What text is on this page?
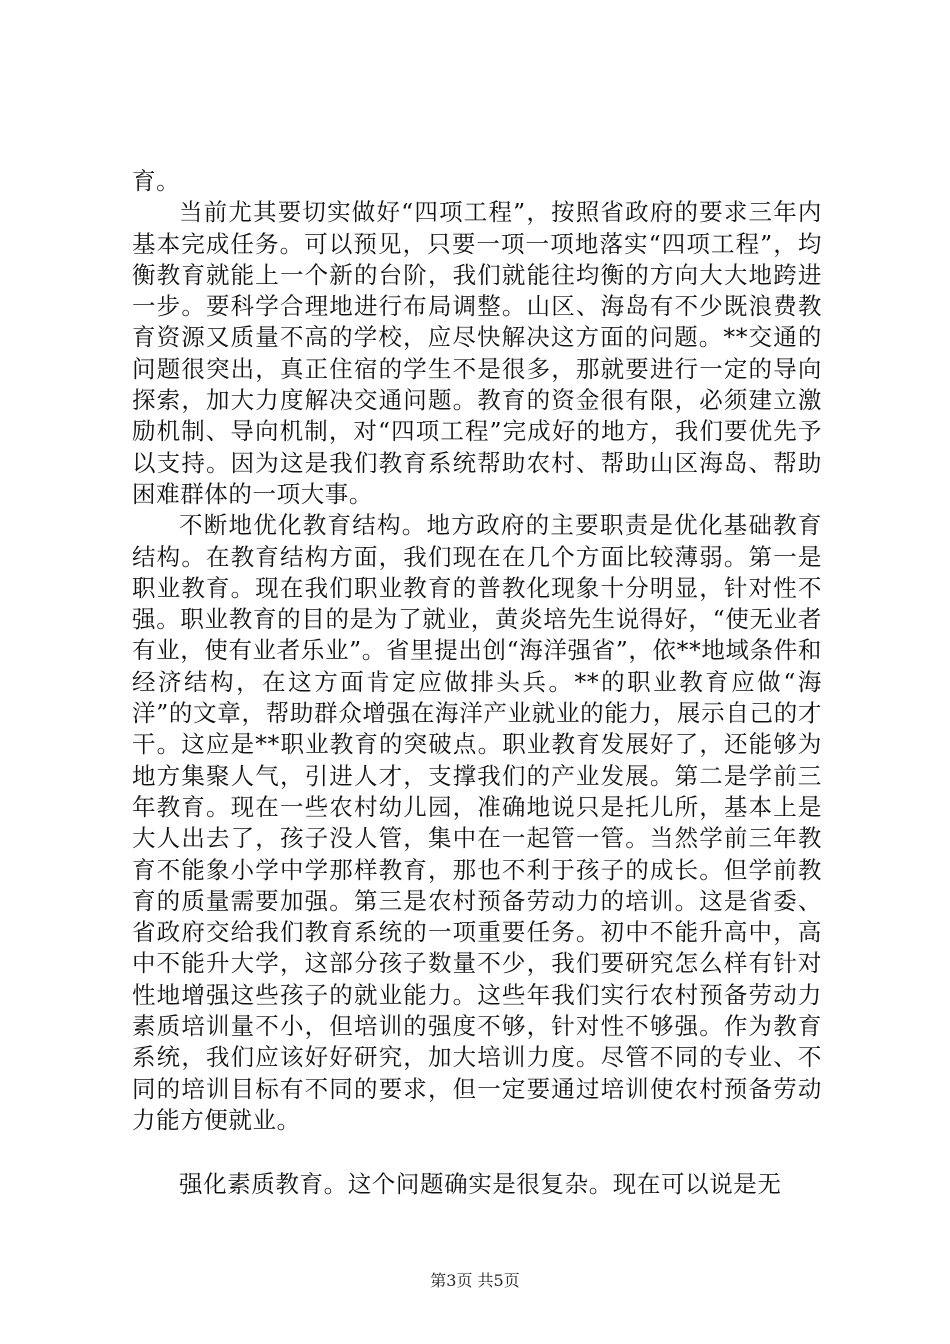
育。

当前尤其要切实做好“四项工程”，按照省政府的要求三年内基本完成任务。可以预见，只要一项一项地落实“四项工程”，均衡教育就能上一个新的台阶，我们就能往均衡的方向大大地跨进一步。要科学合理地进行布局调整。山区、海岛有不少既浪费教育资源又质量不高的学校，应尽快解决这方面的问题。**交通的问题很突出，真正住宿的学生不是很多，那就要进行一定的导向探索，加大力度解决交通问题。教育的资金很有限，必须建立激励机制、导向机制，对“四项工程”完成好的地方，我们要优先予以支持。因为这是我们教育系统帮助农村、帮助山区海岛、帮助困难群体的一项大事。

不断地优化教育结构。地方政府的主要职责是优化基础教育结构。在教育结构方面，我们现在在几个方面比较薄弱。第一是职业教育。现在我们职业教育的普教化现象十分明显，针对性不强。职业教育的目的是为了就业，黄炎培先生说得好，“使无业者有业，使有业者乐业”。省里提出创“海洋强省”，依**地域条件和经济结构，在这方面肯定应做排头兵。**的职业教育应做“海洋”的文章，帮助群众增强在海洋产业就业的能力，展示自己的才干。这应是**职业教育的突破点。职业教育发展好了，还能够为地方集聚人气，引进人才，支撑我们的产业发展。第二是学前三年教育。现在一些农村幼儿园，准确地说只是托儿所，基本上是大人出去了，孩子没人管，集中在一起管一管。当然学前三年教育不能象小学中学那样教育，那也不利于孩子的成长。但学前教育的质量需要加强。第三是农村预备劳动力的培训。这是省委、省政府交给我们教育系统的一项重要任务。初中不能升高中，高中不能升大学，这部分孩子数量不少，我们要研究怎么样有针对性地增强这些孩子的就业能力。这些年我们实行农村预备劳动力素质培训量不小，但培训的强度不够，针对性不够强。作为教育系统，我们应该好好研究，加大培训力度。尽管不同的专业、不同的培训目标有不同的要求，但一定要通过培训使农村预备劳动力能方便就业。

强化素质教育。这个问题确实是很复杂。现在可以说是无

第3页 共5页
